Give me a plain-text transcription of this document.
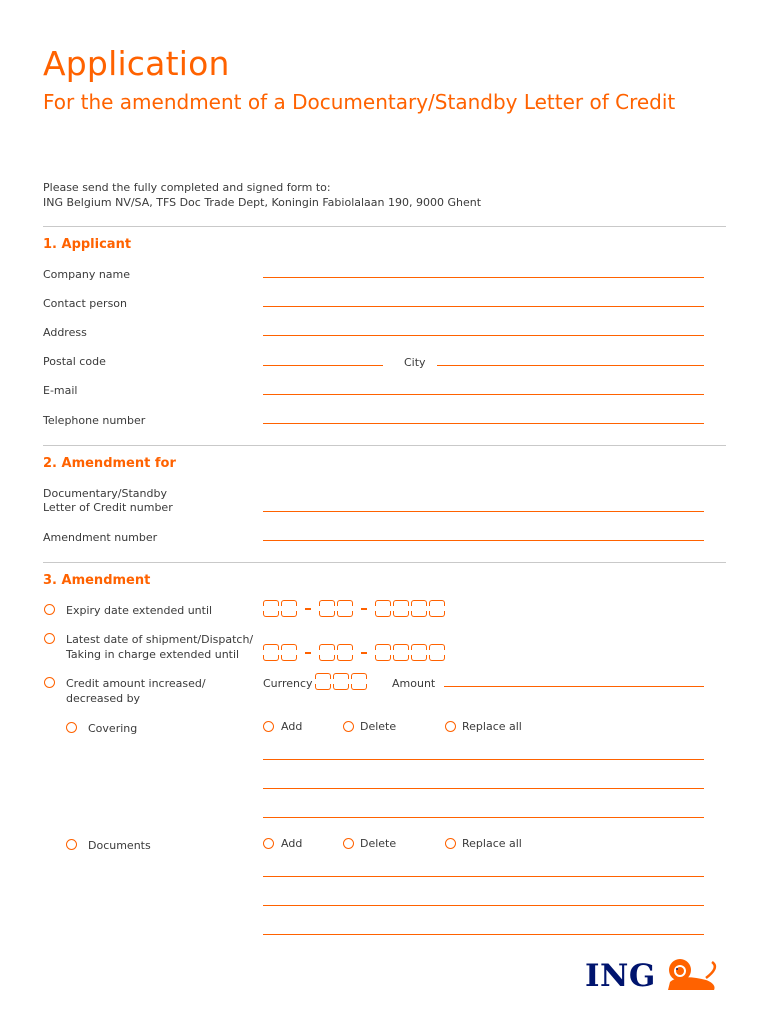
Application
For the amendment of a Documentary/Standby Letter of Credit
Please send the fully completed and signed form to:
ING Belgium NV/SA, TFS Doc Trade Dept, Koningin Fabiolalaan 190, 9000 Ghent
1. Applicant
Company name
Contact person
Address
Postal code	City
E-mail
Telephone number
2. Amendment for
Documentary/Standby
Letter of Credit number
Amendment number
3. Amendment
Expiry date extended until
Latest date of shipment/Dispatch/
Taking in charge extended until
Credit amount increased/
decreased by
Currency	Amount
Covering	Add	Delete	Replace all
Documents	Add	Delete	Replace all
ING
